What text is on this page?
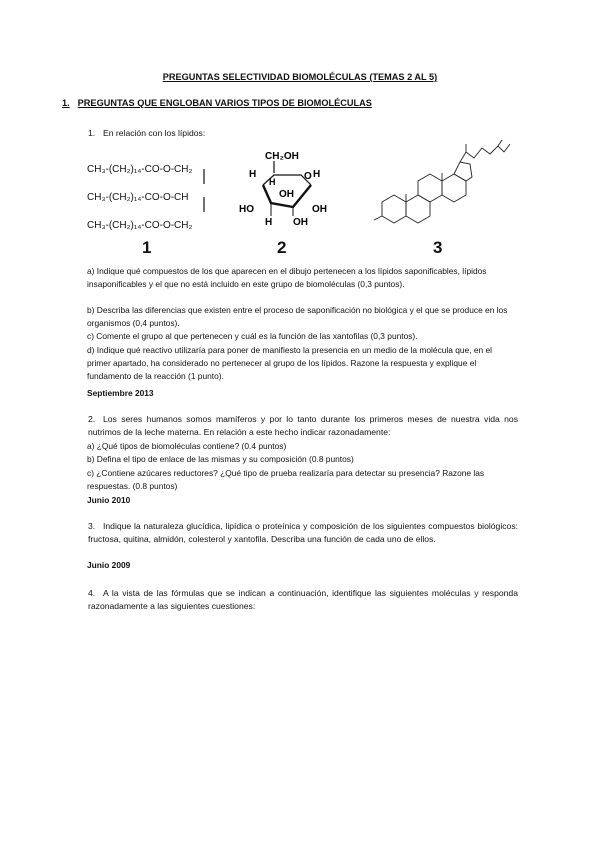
PREGUNTAS SELECTIVIDAD BIOMOLÉCULAS (TEMAS 2 AL 5)
1. PREGUNTAS QUE ENGLOBAN VARIOS TIPOS DE BIOMOLÉCULAS
1. En relación con los lípidos:
CH₃-(CH₂)₁₄-CO-O-CH₂
CH₃-(CH₂)₁₄-CO-O-CH
CH₃-(CH₂)₁₄-CO-O-CH₂
CH₂OH
O
H	H
H
OH
HO	OH
H OH
1	2	3
a) Indique qué compuestos de los que aparecen en el dibujo pertenecen a los lípidos saponificables, lípidos insaponificables y el que no está incluido en este grupo de biomoléculas (0,3 puntos).
b) Describa las diferencias que existen entre el proceso de saponificación no biológica y el que se produce en los organismos (0,4 puntos).
c) Comente el grupo al que pertenecen y cuál es la función de las xantofilas (0,3 puntos).
d) Indique qué reactivo utilizaría para poner de manifiesto la presencia en un medio de la molécula que, en el primer apartado, ha considerado no pertenecer al grupo de los lípidos. Razone la respuesta y explique el fundamento de la reacción (1 punto).
Septiembre 2013
2. Los seres humanos somos mamíferos y por lo tanto durante los primeros meses de nuestra vida nos nutrimos de la leche materna. En relación a este hecho indicar razonadamente:
a) ¿Qué tipos de biomoléculas contiene? (0.4 puntos)
b) Defina el tipo de enlace de las mismas y su composición (0.8 puntos)
c) ¿Contiene azúcares reductores? ¿Qué tipo de prueba realizaría para detectar su presencia? Razone las respuestas. (0.8 puntos)
Junio 2010
3. Indique la naturaleza glucídica, lipídica o proteínica y composición de los siguientes compuestos biológicos: fructosa, quitina, almidón, colesterol y xantofila. Describa una función de cada uno de ellos.
Junio 2009
4. A la vista de las fórmulas que se indican a continuación, identifique las siguientes moléculas y responda razonadamente a las siguientes cuestiones:
